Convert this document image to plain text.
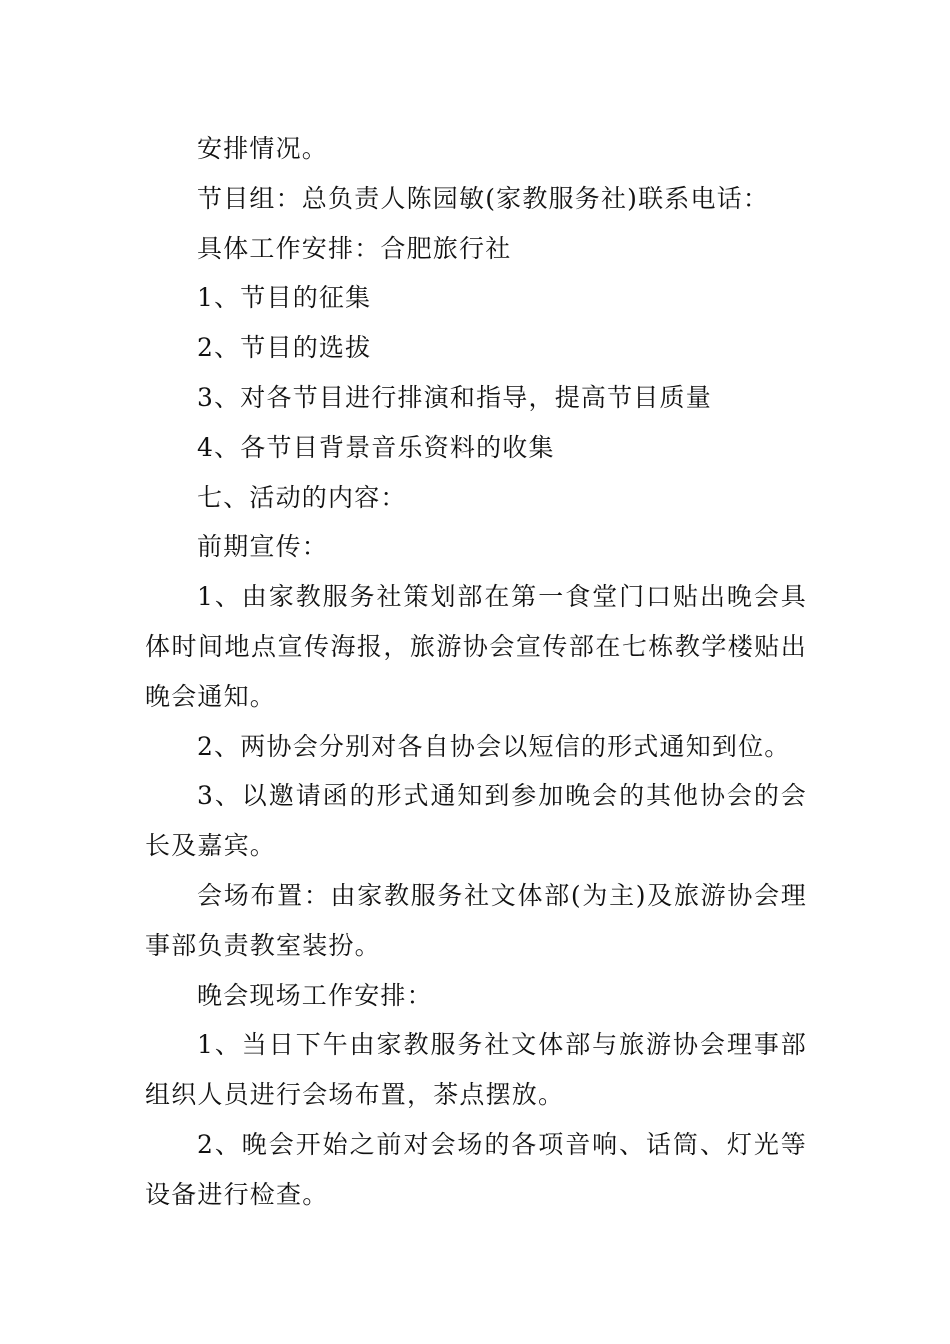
安排情况。

节目组：总负责人陈园敏(家教服务社)联系电话：

具体工作安排：合肥旅行社

1、节目的征集

2、节目的选拔

3、对各节目进行排演和指导，提高节目质量

4、各节目背景音乐资料的收集

七、活动的内容：

前期宣传：

1、由家教服务社策划部在第一食堂门口贴出晚会具体时间地点宣传海报，旅游协会宣传部在七栋教学楼贴出晚会通知。

2、两协会分别对各自协会以短信的形式通知到位。

3、以邀请函的形式通知到参加晚会的其他协会的会长及嘉宾。

会场布置：由家教服务社文体部(为主)及旅游协会理事部负责教室装扮。

晚会现场工作安排：

1、当日下午由家教服务社文体部与旅游协会理事部组织人员进行会场布置，茶点摆放。

2、晚会开始之前对会场的各项音响、话筒、灯光等设备进行检查。
